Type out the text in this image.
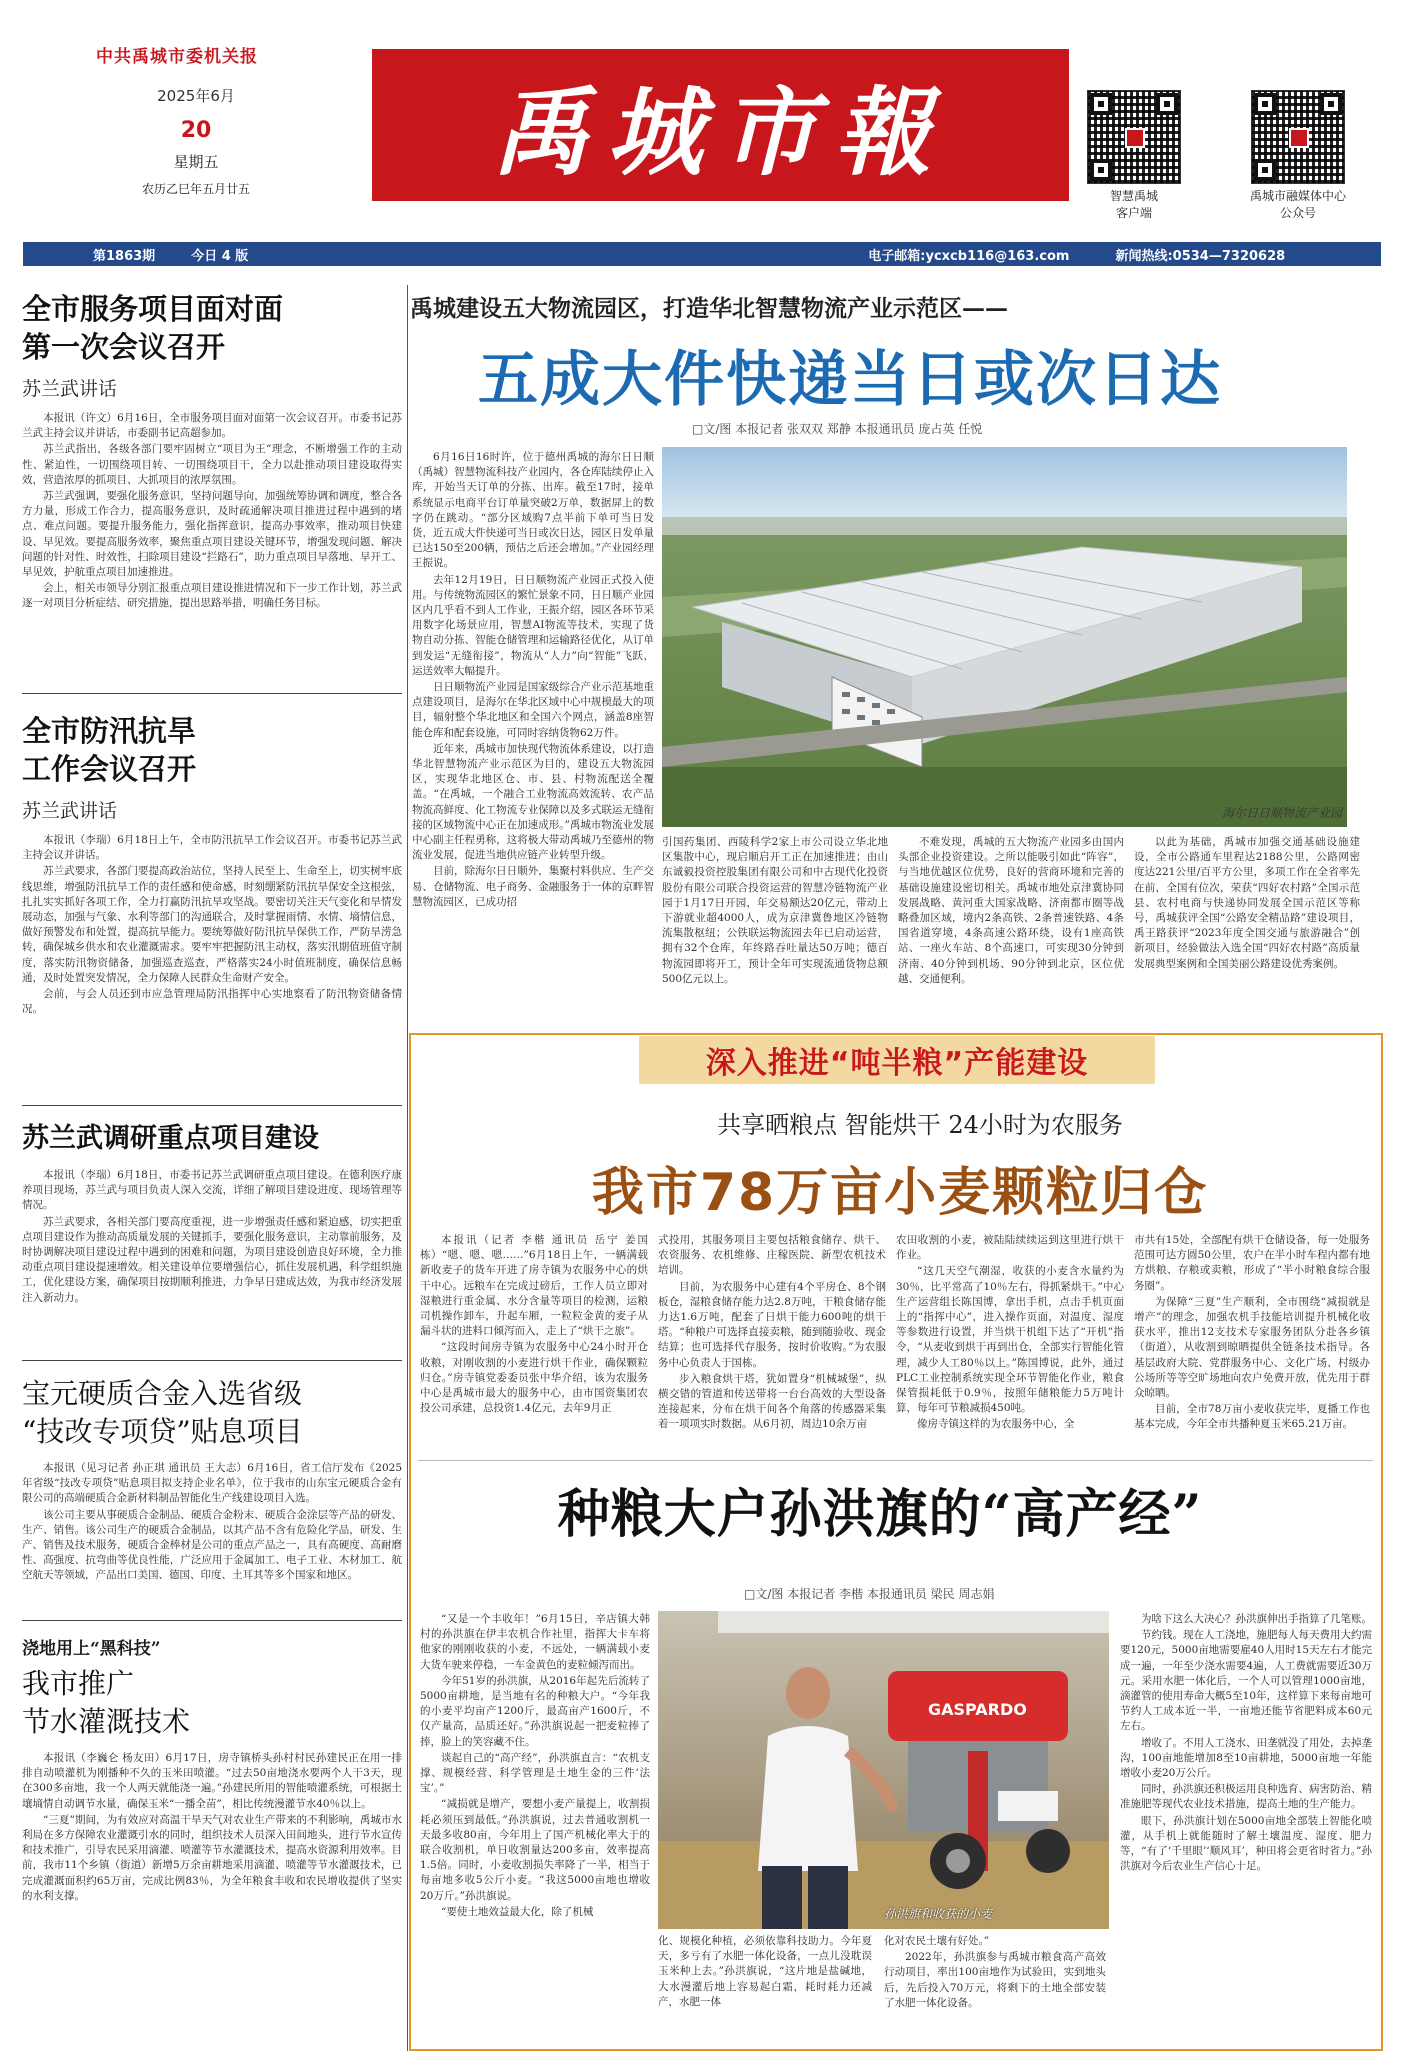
中共禹城市委机关报
2025年6月
20
星期五
农历乙巳年五月廿五
禹城市報
智慧禹城
客户端
禹城市融媒体中心
公众号
第1863期	今日 4 版	电子邮箱:ycxcb116@163.com	新闻热线:0534—7320628
全市服务项目面对面
第一次会议召开
苏兰武讲话

本报讯（许文）6月16日，全市服务项目面对面第一次会议召开。市委书记苏兰武主持会议并讲话，市委副书记高超参加。

苏兰武指出，各级各部门要牢固树立“项目为王”理念，不断增强工作的主动性、紧迫性，一切围绕项目转、一切围绕项目干，全力以赴推动项目建设取得实效，营造浓厚的抓项目、大抓项目的浓厚氛围。

苏兰武强调，要强化服务意识，坚持问题导向，加强统筹协调和调度，整合各方力量，形成工作合力，提高服务意识，及时疏通解决项目推进过程中遇到的堵点、难点问题。要提升服务能力，强化指挥意识，提高办事效率，推动项目快建设、早见效。要提高服务效率，聚焦重点项目建设关键环节，增强发现问题、解决问题的针对性、时效性，扫除项目建设“拦路石”，助力重点项目早落地、早开工、早见效，护航重点项目加速推进。

会上，相关市领导分别汇报重点项目建设推进情况和下一步工作计划，苏兰武逐一对项目分析症结、研究措施，提出思路举措，明确任务目标。

全市防汛抗旱
工作会议召开
苏兰武讲话

本报讯（李瑞）6月18日上午，全市防汛抗旱工作会议召开。市委书记苏兰武主持会议并讲话。

苏兰武要求，各部门要提高政治站位，坚持人民至上、生命至上，切实树牢底线思维，增强防汛抗旱工作的责任感和使命感，时刻绷紧防汛抗旱保安全这根弦，扎扎实实抓好各项工作，全力打赢防汛抗旱攻坚战。要密切关注天气变化和旱情发展动态，加强与气象、水利等部门的沟通联合，及时掌握雨情、水情、墒情信息，做好预警发布和处置，提高抗旱能力。要统筹做好防汛抗旱保供工作，严防旱涝急转，确保城乡供水和农业灌溉需求。要牢牢把握防汛主动权，落实汛期值班值守制度，落实防汛物资储备，加强巡查巡查，严格落实24小时值班制度，确保信息畅通，及时处置突发情况，全力保障人民群众生命财产安全。

会前，与会人员还到市应急管理局防汛指挥中心实地察看了防汛物资储备情况。

苏兰武调研重点项目建设

本报讯（李瑞）6月18日，市委书记苏兰武调研重点项目建设。在德利医疗康养项目现场，苏兰武与项目负责人深入交流，详细了解项目建设进度、现场管理等情况。

苏兰武要求，各相关部门要高度重视，进一步增强责任感和紧迫感，切实把重点项目建设作为推动高质量发展的关键抓手，要强化服务意识，主动靠前服务，及时协调解决项目建设过程中遇到的困难和问题，为项目建设创造良好环境，全力推动重点项目建设提速增效。相关建设单位要增强信心，抓住发展机遇，科学组织施工，优化建设方案，确保项目按期顺利推进，力争早日建成达效，为我市经济发展注入新动力。

宝元硬质合金入选省级
“技改专项贷”贴息项目

本报讯（见习记者 孙正琪 通讯员 王大志）6月16日，省工信厅发布《2025年省级“技改专项贷”贴息项目拟支持企业名单》，位于我市的山东宝元硬质合金有限公司的高端硬质合金新材料制品智能化生产线建设项目入选。

该公司主要从事硬质合金制品、硬质合金粉末、硬质合金涂层等产品的研发、生产、销售。该公司生产的硬质合金制品，以其产品不含有危险化学品，研发、生产、销售及技术服务，硬质合金棒材是公司的重点产品之一，具有高硬度、高耐磨性、高强度、抗弯曲等优良性能，广泛应用于金属加工、电子工业、木材加工、航空航天等领域，产品出口美国、德国、印度、土耳其等多个国家和地区。

浇地用上“黑科技”
我市推广
节水灌溉技术

本报讯（李巍仑 杨友田）6月17日，房寺镇桥头孙村村民孙建民正在用一排排自动喷灌机为刚播种不久的玉米田喷灌。“过去50亩地浇水要两个人干3天，现在300多亩地，我一个人两天就能浇一遍。”孙建民所用的智能喷灌系统，可根据土壤墒情自动调节水量，确保玉米“一播全苗”，相比传统漫灌节水40％以上。

“三夏”期间，为有效应对高温干旱天气对农业生产带来的不利影响，禹城市水利局在多方保障农业灌溉引水的同时，组织技术人员深入田间地头，进行节水宣传和技术推广，引导农民采用滴灌、喷灌等节水灌溉技术，提高水资源利用效率。目前，我市11个乡镇（街道）新增5万余亩耕地采用滴灌、喷灌等节水灌溉技术，已完成灌溉面积约65万亩，完成比例83％，为全年粮食丰收和农民增收提供了坚实的水利支撑。

禹城建设五大物流园区，打造华北智慧物流产业示范区——
五成大件快递当日或次日达
□文/图 本报记者 张双双 郑静 本报通讯员 庞占英 任悦

6月16日16时许，位于德州禹城的海尔日日顺（禹城）智慧物流科技产业园内，各仓库陆续停止入库，开始当天订单的分拣、出库。截至17时，接单系统显示电商平台订单量突破2万单，数据屏上的数字仍在跳动。“部分区域购7点半前下单可当日发货，近五成大件快递可当日或次日达，园区日发单量已达150至200辆，预估之后还会增加。”产业园经理王振说。

去年12月19日，日日顺物流产业园正式投入使用。与传统物流园区的繁忙景象不同，日日顺产业园区内几乎看不到人工作业，王振介绍，园区各环节采用数字化场景应用，智慧AI物流等技术，实现了货物自动分拣、智能仓储管理和运输路径优化，从订单到发运“无缝衔接”，物流从“人力”向“智能”飞跃，运送效率大幅提升。

日日顺物流产业园是国家级综合产业示范基地重点建设项目，是海尔在华北区域中心中规模最大的项目，辐射整个华北地区和全国六个网点，涵盖8座智能仓库和配套设施，可同时容纳货物62万件。

近年来，禹城市加快现代物流体系建设，以打造华北智慧物流产业示范区为目的，建设五大物流园区，实现华北地区仓、市、县、村物流配送全覆盖。“在禹城，一个融合工业物流高效流转、农产品物流高鲜度、化工物流专业保障以及多式联运无缝衔接的区域物流中心正在加速成形。”禹城市物流业发展中心副主任程勇称，这将极大带动禹城乃至德州的物流业发展，促进当地供应链产业转型升级。

目前，除海尔日日顺外，集聚村料供应、生产交易、仓储物流、电子商务、金融服务于一体的京畔智慧物流园区，已成功招

海尔日日顺物流产业园

引国药集团、西陵科学2家上市公司设立华北地区集散中心，现启顺启开工正在加速推进；由山东诚毅投资控股集团有限公司和中古现代化投资股份有限公司联合投资运营的智慧冷链物流产业园于1月17日开园，年交易额达20亿元，带动上下游就业超4000人，成为京津冀鲁地区冷链物流集散枢纽；公铁联运物流园去年已启动运营，拥有32个仓库，年终路吞吐量达50万吨；德百物流园即将开工，预计全年可实现流通货物总额500亿元以上。

不难发现，禹城的五大物流产业园多由国内头部企业投资建设。之所以能吸引如此“阵容”，与当地优越区位优势，良好的营商环境和完善的基础设施建设密切相关。禹城市地处京津冀协同发展战略、黄河重大国家战略、济南都市圈等战略叠加区域，境内2条高铁、2条普速铁路、4条国省道穿境，4条高速公路环绕，设有1座高铁站、一座火车站、8个高速口，可实现30分钟到济南、40分钟到机场、90分钟到北京，区位优越、交通便利。

以此为基础，禹城市加强交通基础设施建设，全市公路通车里程达2188公里，公路网密度达221公里/百平方公里，多项工作在全省率先在前，全国有位次，荣获“四好农村路”全国示范县、农村电商与快递协同发展全国示范区等称号，禹城获评全国“公路安全精品路”建设项目，禹王路获评“2023年度全国交通与旅游融合”创新项目，经验做法入选全国“四好农村路”高质量发展典型案例和全国美丽公路建设优秀案例。

深入推进“吨半粮”产能建设
共享晒粮点 智能烘干 24小时为农服务
我市78万亩小麦颗粒归仓

本报讯（记者 李楷 通讯员 岳宁 姜国栋）“嗯、嗯、嗯……”6月18日上午，一辆满载新收麦子的货车开进了房寺镇为农服务中心的烘干中心。远粮车在完成过磅后，工作人员立即对湿粮进行重金属、水分含量等项目的检测，运粮司机操作卸车，升起车厢，一粒粒金黄的麦子从漏斗状的进料口倾泻而入，走上了“烘干之旅”。

“这段时间房寺镇为农服务中心24小时开仓收粮，对刚收割的小麦进行烘干作业，确保颗粒归仓。”房寺镇党委委员张中华介绍，该为农服务中心是禹城市最大的服务中心，由市国资集团农投公司承建，总投资1.4亿元，去年9月正

式投用，其服务项目主要包括粮食储存、烘干、农资服务、农机维修、庄稼医院、新型农机技术培训。

目前，为农服务中心建有4个平房仓、8个钢板仓，湿粮食储存能力达2.8万吨，干粮食储存能力达1.6万吨，配套了日烘干能力600吨的烘干塔。“种粮户可选择直接卖粮，随到随验收、现金结算；也可选择代存服务，按时价收购。”为农服务中心负责人于国栋。

步入粮食烘干塔，犹如置身“机械城堡”，纵横交错的管道和传送带将一台台高效的大型设备连接起来，分布在烘干间各个角落的传感器采集着一项项实时数据。从6月初，周边10余万亩

农田收割的小麦，被陆陆续续运到这里进行烘干作业。

“这几天空气潮湿，收获的小麦含水量约为30％，比平常高了10％左右，得抓紧烘干。”中心生产运营组长陈国博，拿出手机，点击手机页面上的“指挥中心”，进入操作页面，对温度、湿度等参数进行设置，并当烘干机组下达了“开机”指令，“从麦收到烘干再到出仓，全部实行智能化管理，减少人工80％以上。”陈国博说，此外，通过PLC工业控制系统实现全环节智能化作业，粮食保管损耗低于0.9％，按照年储粮能力5万吨计算，每年可节粮减损450吨。

像房寺镇这样的为农服务中心，全

市共有15处，全部配有烘干仓储设备，每一处服务范围可达方圆50公里，农户在半小时车程内都有地方烘粮、存粮或卖粮，形成了“半小时粮食综合服务圈”。

为保障“三夏”生产顺利，全市围绕“减损就是增产”的理念，加强农机手技能培训提升机械化收获水平，推出12支技术专家服务团队分赴各乡镇（街道），从收割到晾晒提供全链条技术指导。各基层政府大院、党群服务中心、文化广场、村级办公场所等等空旷场地向农户免费开放，优先用于群众晾晒。

目前，全市78万亩小麦收获完毕，夏播工作也基本完成，今年全市共播种夏玉米65.21万亩。

种粮大户孙洪旗的“高产经”
□文/图 本报记者 李楷 本报通讯员 梁民 周志娟

“又是一个丰收年！”6月15日，辛店镇大韩村的孙洪旗在伊丰农机合作社里，指挥大卡车将他家的刚刚收获的小麦，不远处，一辆满载小麦大货车驶来停稳，一车金黄色的麦粒倾泻而出。

今年51岁的孙洪旗，从2016年起先后流转了5000亩耕地，是当地有名的种粮大户。“今年我的小麦平均亩产1200斤，最高亩产1600斤，不仅产量高，品质还好。”孙洪旗说起一把麦粒捧了捧，脸上的笑容藏不住。

谈起自己的“高产经”，孙洪旗直言：“农机支撑、规模经营、科学管理是土地生金的三件‘法宝’。”

“减损就是增产，要想小麦产量提上，收割损耗必须压到最低。”孙洪旗说，过去普通收割机一天最多收80亩，今年用上了国产机械化率大于的联合收割机，单日收割量达200多亩，效率提高1.5倍。同时，小麦收割损失率降了一半，相当于每亩地多收5公斤小麦。“我这5000亩地也增收20万斤。”孙洪旗说。

“要使土地效益最大化，除了机械

GASPARDO
孙洪旗和收获的小麦

化、规模化种植，必须依靠科技助力。今年夏天，多亏有了水肥一体化设备，一点儿没耽误玉米种上去。”孙洪旗说，“这片地是盐碱地，大水漫灌后地上容易起白霜，耗时耗力还减产，水肥一体

化对农民土壤有好处。”

2022年，孙洪旗参与禹城市粮食高产高效行动项目，率出100亩地作为试验田，实到地头后，先后投入70万元，将剩下的土地全部安装了水肥一体化设备。

为啥下这么大决心？孙洪旗伸出手指算了几笔账。

节约钱。现在人工浇地，施肥每人每天费用大约需要120元，5000亩地需要雇40人用时15天左右才能完成一遍，一年至少浇水需要4遍，人工费就需要近30万元。采用水肥一体化后，一个人可以管理1000亩地，滴灌管的使用寿命大概5至10年，这样算下来每亩地可节约人工成本近一半，一亩地还能节省肥料成本60元左右。

增收了。不用人工浇水、田垄就没了用处，去掉垄沟，100亩地能增加8至10亩耕地，5000亩地一年能增收小麦20万公斤。

同时，孙洪旗还积极运用良种选育、病害防治、精准施肥等现代农业技术措施，提高土地的生产能力。

眼下，孙洪旗计划在5000亩地全部装上智能化喷灌，从手机上就能随时了解土壤温度、湿度、肥力等，“有了‘千里眼’‘顺风耳’，种田将会更省时省力。”孙洪旗对今后农业生产信心十足。
